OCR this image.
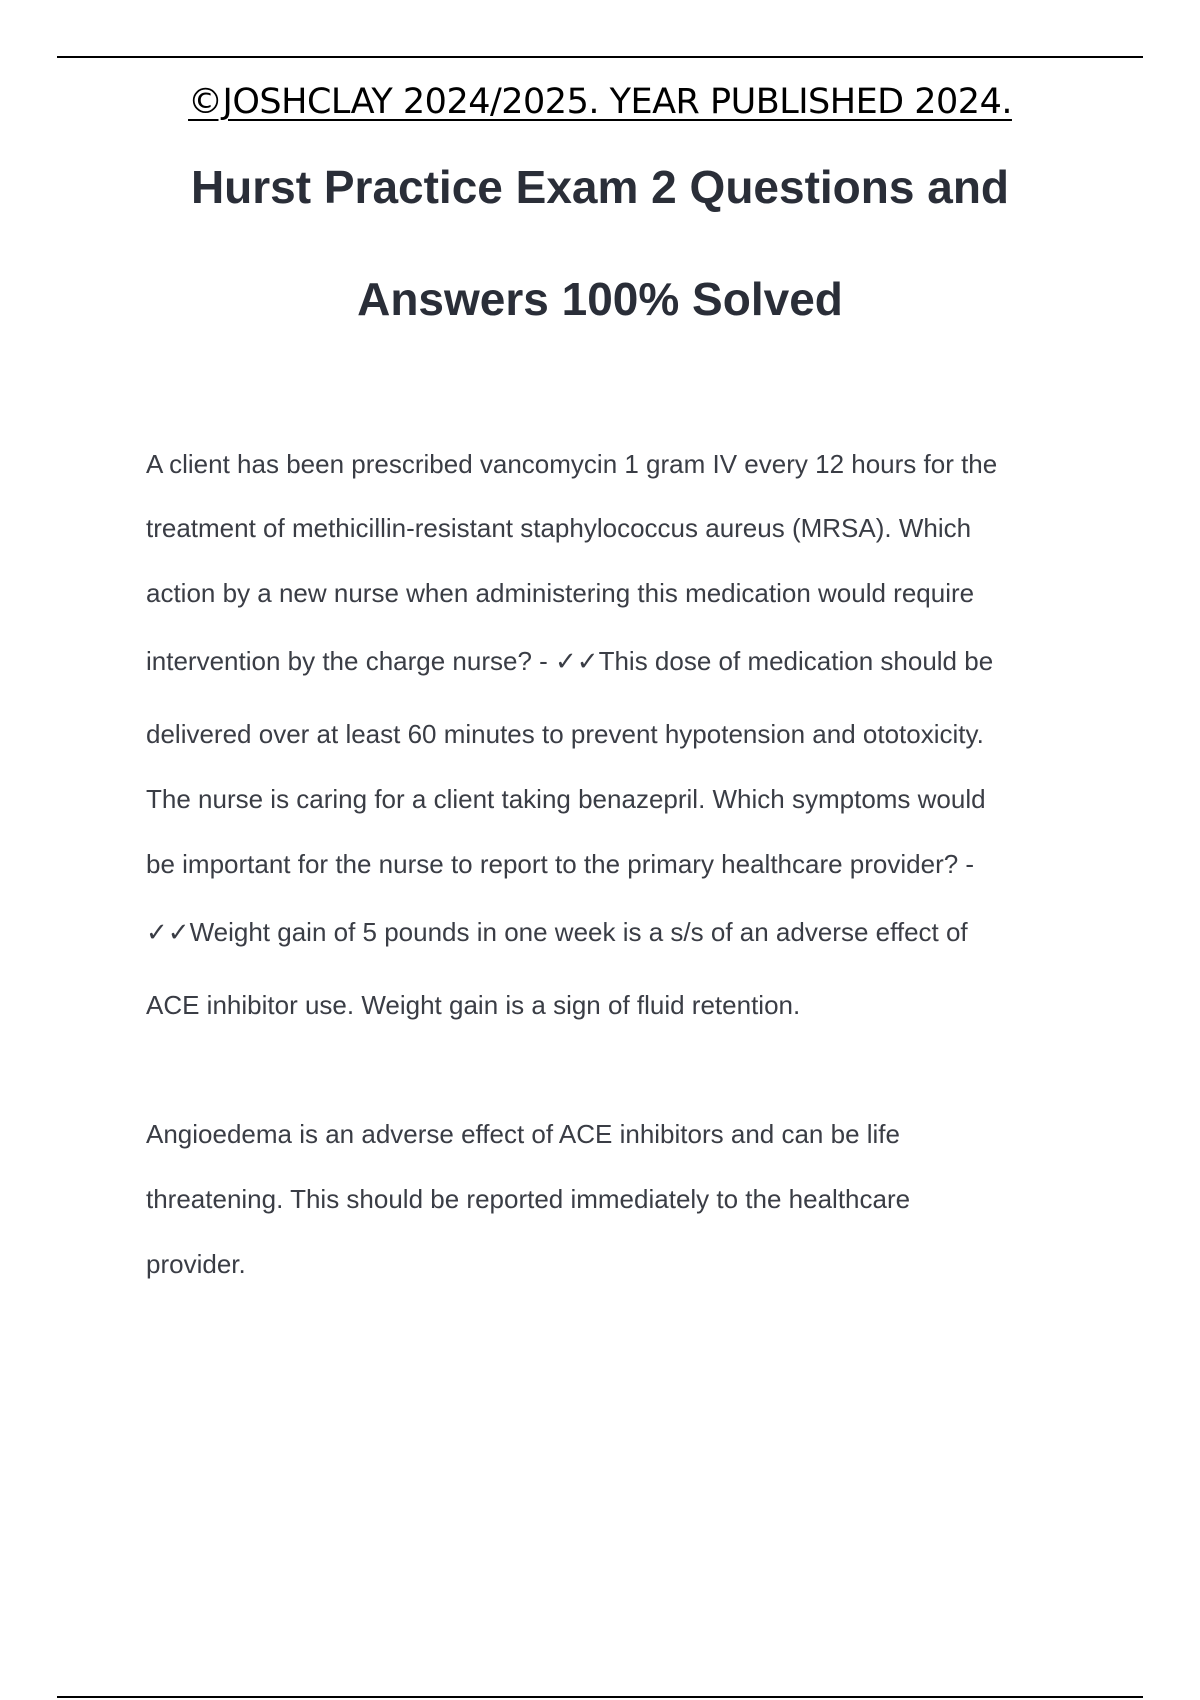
©JOSHCLAY 2024/2025. YEAR PUBLISHED 2024.
Hurst Practice Exam 2 Questions and
Answers 100% Solved
A client has been prescribed vancomycin 1 gram IV every 12 hours for the
treatment of methicillin-resistant staphylococcus aureus (MRSA). Which
action by a new nurse when administering this medication would require
intervention by the charge nurse? - ✓✓This dose of medication should be
delivered over at least 60 minutes to prevent hypotension and ototoxicity.
The nurse is caring for a client taking benazepril. Which symptoms would
be important for the nurse to report to the primary healthcare provider? -
✓✓Weight gain of 5 pounds in one week is a s/s of an adverse effect of
ACE inhibitor use. Weight gain is a sign of fluid retention.
Angioedema is an adverse effect of ACE inhibitors and can be life
threatening. This should be reported immediately to the healthcare
provider.
